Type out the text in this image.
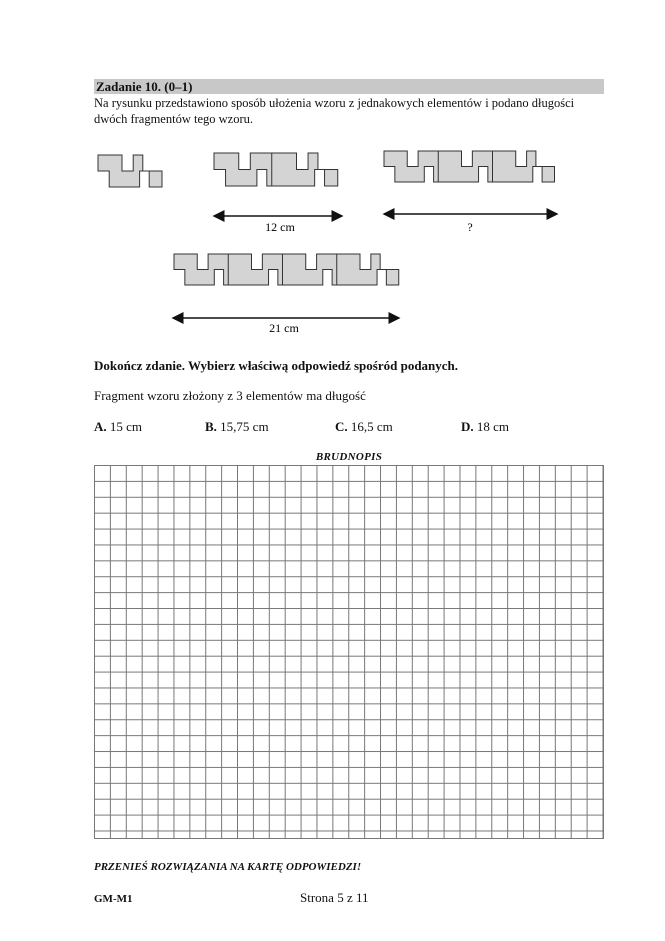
Zadanie 10. (0–1)
Na rysunku przedstawiono sposób ułożenia wzoru z jednakowych elementów i podano długości dwóch fragmentów tego wzoru.
12 cm	?
21 cm
Dokończ zdanie. Wybierz właściwą odpowiedź spośród podanych.
Fragment wzoru złożony z 3 elementów ma długość
A. 15 cm	B. 15,75 cm	C. 16,5 cm	D. 18 cm
BRUDNOPIS
PRZENIEŚ ROZWIĄZANIA NA KARTĘ ODPOWIEDZI!
GM-M1	Strona 5 z 11
